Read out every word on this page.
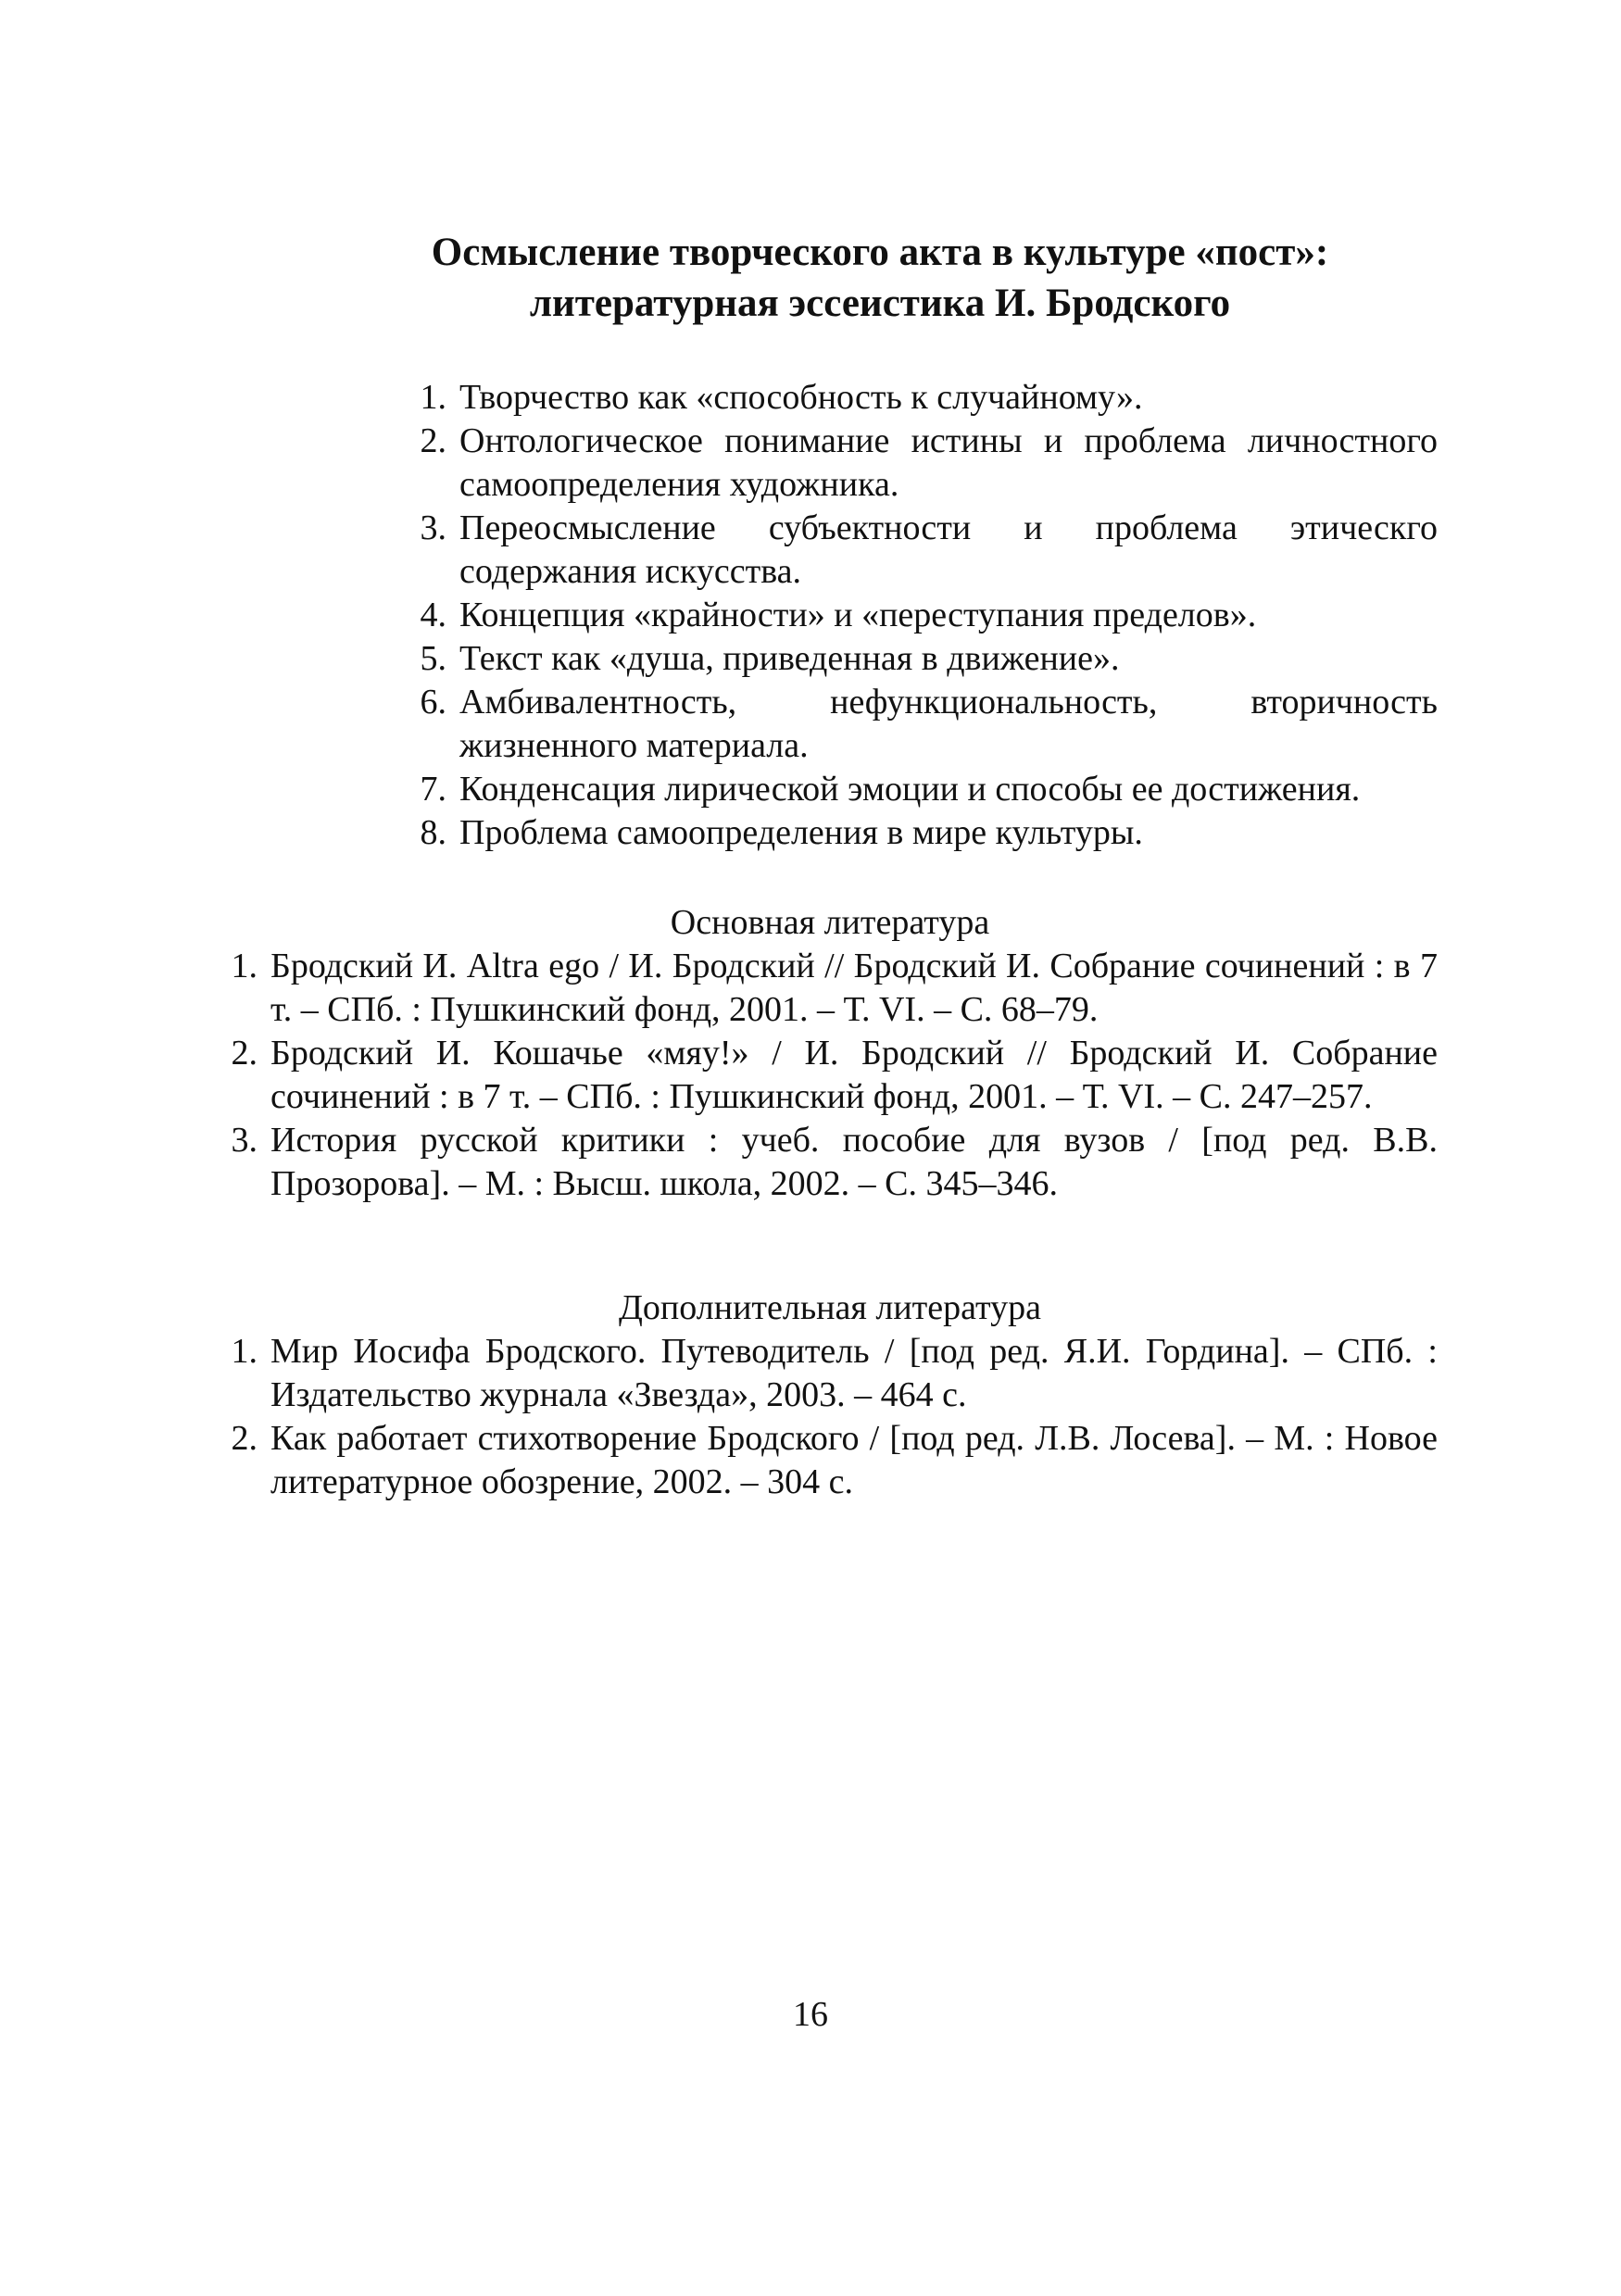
Осмысление творческого акта в культуре «пост»:
литературная эссеистика И. Бродского
1. Творчество как «способность к случайному».
2. Онтологическое понимание истины и проблема личностного самоопределения художника.
3. Переосмысление субъектности и проблема этическго содержания искусства.
4. Концепция «крайности» и «переступания пределов».
5. Текст как «душа, приведенная в движение».
6. Амбивалентность, нефункциональность, вторичность жизненного материала.
7. Конденсация лирической эмоции и способы ее достижения.
8. Проблема самоопределения в мире культуры.
Основная литература
1. Бродский И. Altra ego / И. Бродский // Бродский И. Собрание сочинений : в 7 т. – СПб. : Пушкинский фонд, 2001. – Т. VI. – С. 68–79.
2. Бродский И. Кошачье «мяу!» / И. Бродский // Бродский И. Собрание сочинений : в 7 т. – СПб. : Пушкинский фонд, 2001. – Т. VI. – С. 247–257.
3. История русской критики : учеб. пособие для вузов / [под ред. В.В. Прозорова]. – М. : Высш. школа, 2002. – С. 345–346.
Дополнительная литература
1. Мир Иосифа Бродского. Путеводитель / [под ред. Я.И. Гордина]. – СПб. : Издательство журнала «Звезда», 2003. – 464 с.
2. Как работает стихотворение Бродского / [под ред. Л.В. Лосева]. – М. : Новое литературное обозрение, 2002. – 304 с.
16
